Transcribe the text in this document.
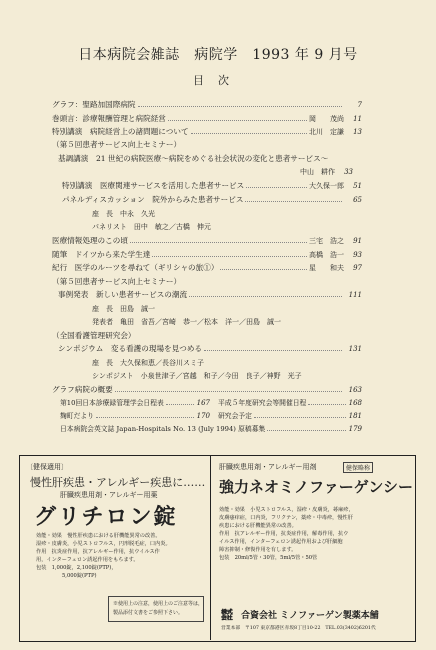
日本病院会雑誌　病院学　1993 年 9 月号
目次
グラフ：聖路加国際病院	7
巻頭言：診療報酬管理と病院経営	岡　　茂尚	11
特別講演　病院経営上の諸問題について	北川　定謙	13
（第５回患者サービス向上セミナー）
基調講演　21 世紀の病院医療～病院をめぐる社会状況の変化と患者サービス～
中山　耕作	33
特別講演　医療関連サービスを活用した患者サービス	大久保一郎	51
パネルディスカッション　院外からみた患者サービス	65
座　長　中永　久光
パネリスト　田中　敏之／古橋　伸元
医療情報処理のこの頃	三宅　浩之	91
随筆　ドイツから来た学生達	高橋　浩一	93
紀行　医学のルーツを尋ねて（ギリシャの旅①）	星　　和夫	97
（第５回患者サービス向上セミナー）
事例発表　新しい患者サービスの潮流	111
座　長　田島　誠一
発表者　亀田　省吾／宮崎　恭一／松本　洋一／田島　誠一
（全国看護管理研究会）
シンポジウム　変る看護の現場を見つめる	131
座　長　大久保和恵／長谷川スミ子
シンポジスト　小泉世津子／宮越　和子／今田　良子／神野　光子
グラフ病院の概要	163
第10回日本診療録管理学会日程表	167 平成５年度研究会等開催日程	168
麹町だより	170 研究会予定	181
日本病院会英文誌 Japan-Hospitals No. 13 (July 1994) 原稿募集	179
〔健保適用〕
慢性肝疾患・アレルギー疾患に……
肝臓疾患用剤・アレルギー用薬
グリチロン錠
効能・効果　慢性肝疾患における肝機能異常の改善。
湿疹・皮膚炎，小児ストロフルス，円形脱毛症，口内炎。
作用　抗炎症作用，抗アレルギー作用，抗ウイルス作
用，インターフェロン誘起作用をもちます。
包装　1,000錠，2,100錠(PTP)，
5,000錠(PTP)
※使用上の注意，使用上のご注意等は，
製品添付文書をご参照下さい。
肝臓疾患用剤・アレルギー用剤	健保略称
強力ネオミノファーゲンシー
効能・効果　小児ストロフルス，湿疹・皮膚炎，蕁麻疹，
皮膚瘙痒症，口内炎，フリクテン，薬疹・中毒疹，慢性肝
疾患における肝機能異常の改善。
作用　抗アレルギー作用，抗炎症作用，解毒作用，抗ウ
イルス作用，インターフェロン誘起作用および肝細胞
障害抑制・修復作用を有します。
包装　20ml/5管・30管，5ml/5管・50管
㍿ 合資会社 ミノファーゲン製薬本舗
営業本部　〒107 東京都港区赤坂8丁目10-22　TEL.03(3402)6201代
